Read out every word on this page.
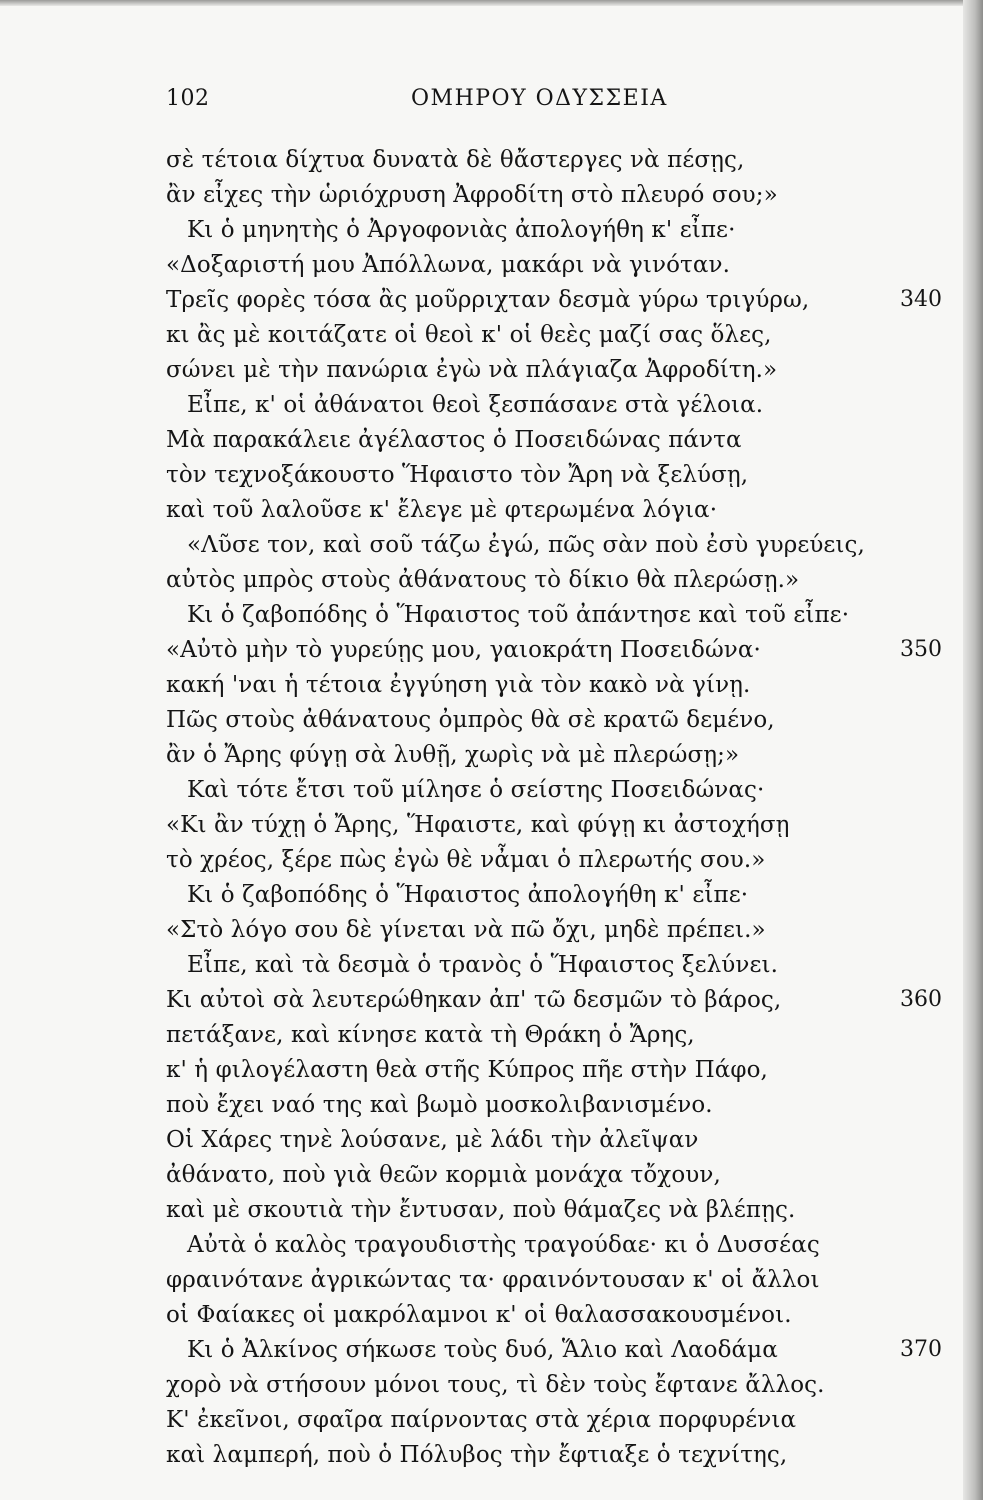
102	ΟΜΗΡΟΥ ΟΔΥΣΣΕΙΑ
σὲ τέτοια δίχτυα δυνατὰ δὲ θἄστεργες νὰ πέσῃς,
ἂν εἶχες τὴν ὡριόχρυση Ἀφροδίτη στὸ πλευρό σου;»
Κι ὁ μηνητὴς ὁ Ἀργοφονιὰς ἀπολογήθη κ' εἶπε·
«Δοξαριστή μου Ἀπόλλωνα, μακάρι νὰ γινόταν.
Τρεῖς φορὲς τόσα ἂς μοῦρριχταν δεσμὰ γύρω τριγύρω,
κι ἂς μὲ κοιτάζατε οἱ θεοὶ κ' οἱ θεὲς μαζί σας ὅλες,
σώνει μὲ τὴν πανώρια ἐγὼ νὰ πλάγιαζα Ἀφροδίτη.»
Εἶπε, κ' οἱ ἀθάνατοι θεοὶ ξεσπάσανε στὰ γέλοια.
Μὰ παρακάλειε ἀγέλαστος ὁ Ποσειδώνας πάντα
τὸν τεχνοξάκουστο Ἥφαιστο τὸν Ἄρη νὰ ξελύσῃ,
καὶ τοῦ λαλοῦσε κ' ἔλεγε μὲ φτερωμένα λόγια·
«Λῦσε τον, καὶ σοῦ τάζω ἐγώ, πῶς σὰν ποὺ ἐσὺ γυρεύεις,
αὐτὸς μπρὸς στοὺς ἀθάνατους τὸ δίκιο θὰ πλερώσῃ.»
Κι ὁ ζαβοπόδης ὁ Ἥφαιστος τοῦ ἀπάντησε καὶ τοῦ εἶπε·
«Αὐτὸ μὴν τὸ γυρεύῃς μου, γαιοκράτη Ποσειδώνα·
κακή 'ναι ἡ τέτοια ἐγγύηση γιὰ τὸν κακὸ νὰ γίνῃ.
Πῶς στοὺς ἀθάνατους ὀμπρὸς θὰ σὲ κρατῶ δεμένο,
ἂν ὁ Ἄρης φύγῃ σὰ λυθῇ, χωρὶς νὰ μὲ πλερώσῃ;»
Καὶ τότε ἔτσι τοῦ μίλησε ὁ σείστης Ποσειδώνας·
«Κι ἂν τύχῃ ὁ Ἄρης, Ἥφαιστε, καὶ φύγῃ κι ἀστοχήσῃ
τὸ χρέος, ξέρε πὼς ἐγὼ θὲ νἆμαι ὁ πλερωτής σου.»
Κι ὁ ζαβοπόδης ὁ Ἥφαιστος ἀπολογήθη κ' εἶπε·
«Στὸ λόγο σου δὲ γίνεται νὰ πῶ ὄχι, μηδὲ πρέπει.»
Εἶπε, καὶ τὰ δεσμὰ ὁ τρανὸς ὁ Ἥφαιστος ξελύνει.
Κι αὐτοὶ σὰ λευτερώθηκαν ἀπ' τῶ δεσμῶν τὸ βάρος,
πετάξανε, καὶ κίνησε κατὰ τὴ Θράκη ὁ Ἄρης,
κ' ἡ φιλογέλαστη θεὰ στῆς Κύπρος πῆε στὴν Πάφο,
ποὺ ἔχει ναό της καὶ βωμὸ μοσκολιβανισμένο.
Οἱ Χάρες τηνὲ λούσανε, μὲ λάδι τὴν ἀλεῖψαν
ἀθάνατο, ποὺ γιὰ θεῶν κορμιὰ μονάχα τὄχουν,
καὶ μὲ σκουτιὰ τὴν ἔντυσαν, ποὺ θάμαζες νὰ βλέπῃς.
Αὐτὰ ὁ καλὸς τραγουδιστὴς τραγούδαε· κι ὁ Δυσσέας
φραινότανε ἀγρικώντας τα· φραινόντουσαν κ' οἱ ἄλλοι
οἱ Φαίακες οἱ μακρόλαμνοι κ' οἱ θαλασσακουσμένοι.
Κι ὁ Ἀλκίνος σήκωσε τοὺς δυό, Ἅλιο καὶ Λαοδάμα
χορὸ νὰ στήσουν μόνοι τους, τὶ δὲν τοὺς ἔφτανε ἄλλος.
Κ' ἐκεῖνοι, σφαῖρα παίρνοντας στὰ χέρια πορφυρένια
καὶ λαμπερή, ποὺ ὁ Πόλυβος τὴν ἔφτιαξε ὁ τεχνίτης,
340
350
360
370
